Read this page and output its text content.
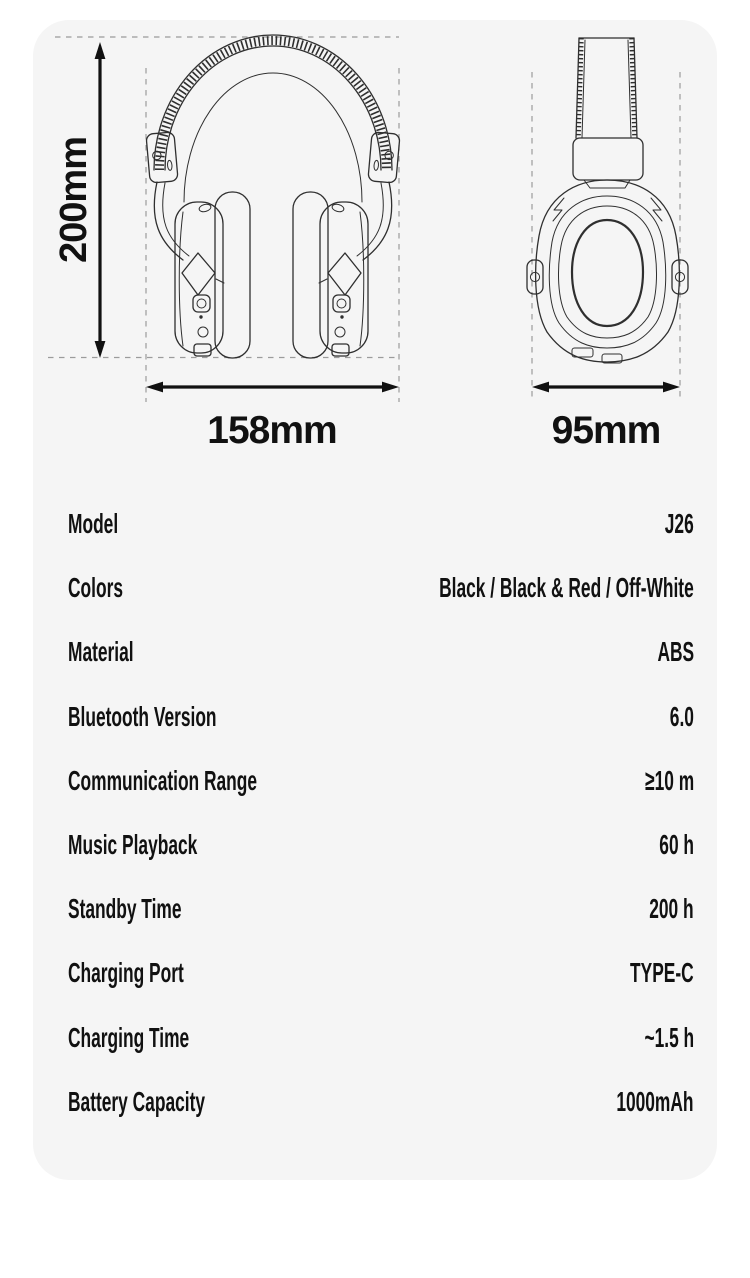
200mm
158mm	95mm
Model	J26
Colors	Black / Black & Red / Off-White
Material	ABS
Bluetooth Version	6.0
Communication Range	≥10 m
Music Playback	60 h
Standby Time	200 h
Charging Port	TYPE-C
Charging Time	~1.5 h
Battery Capacity	1000mAh
